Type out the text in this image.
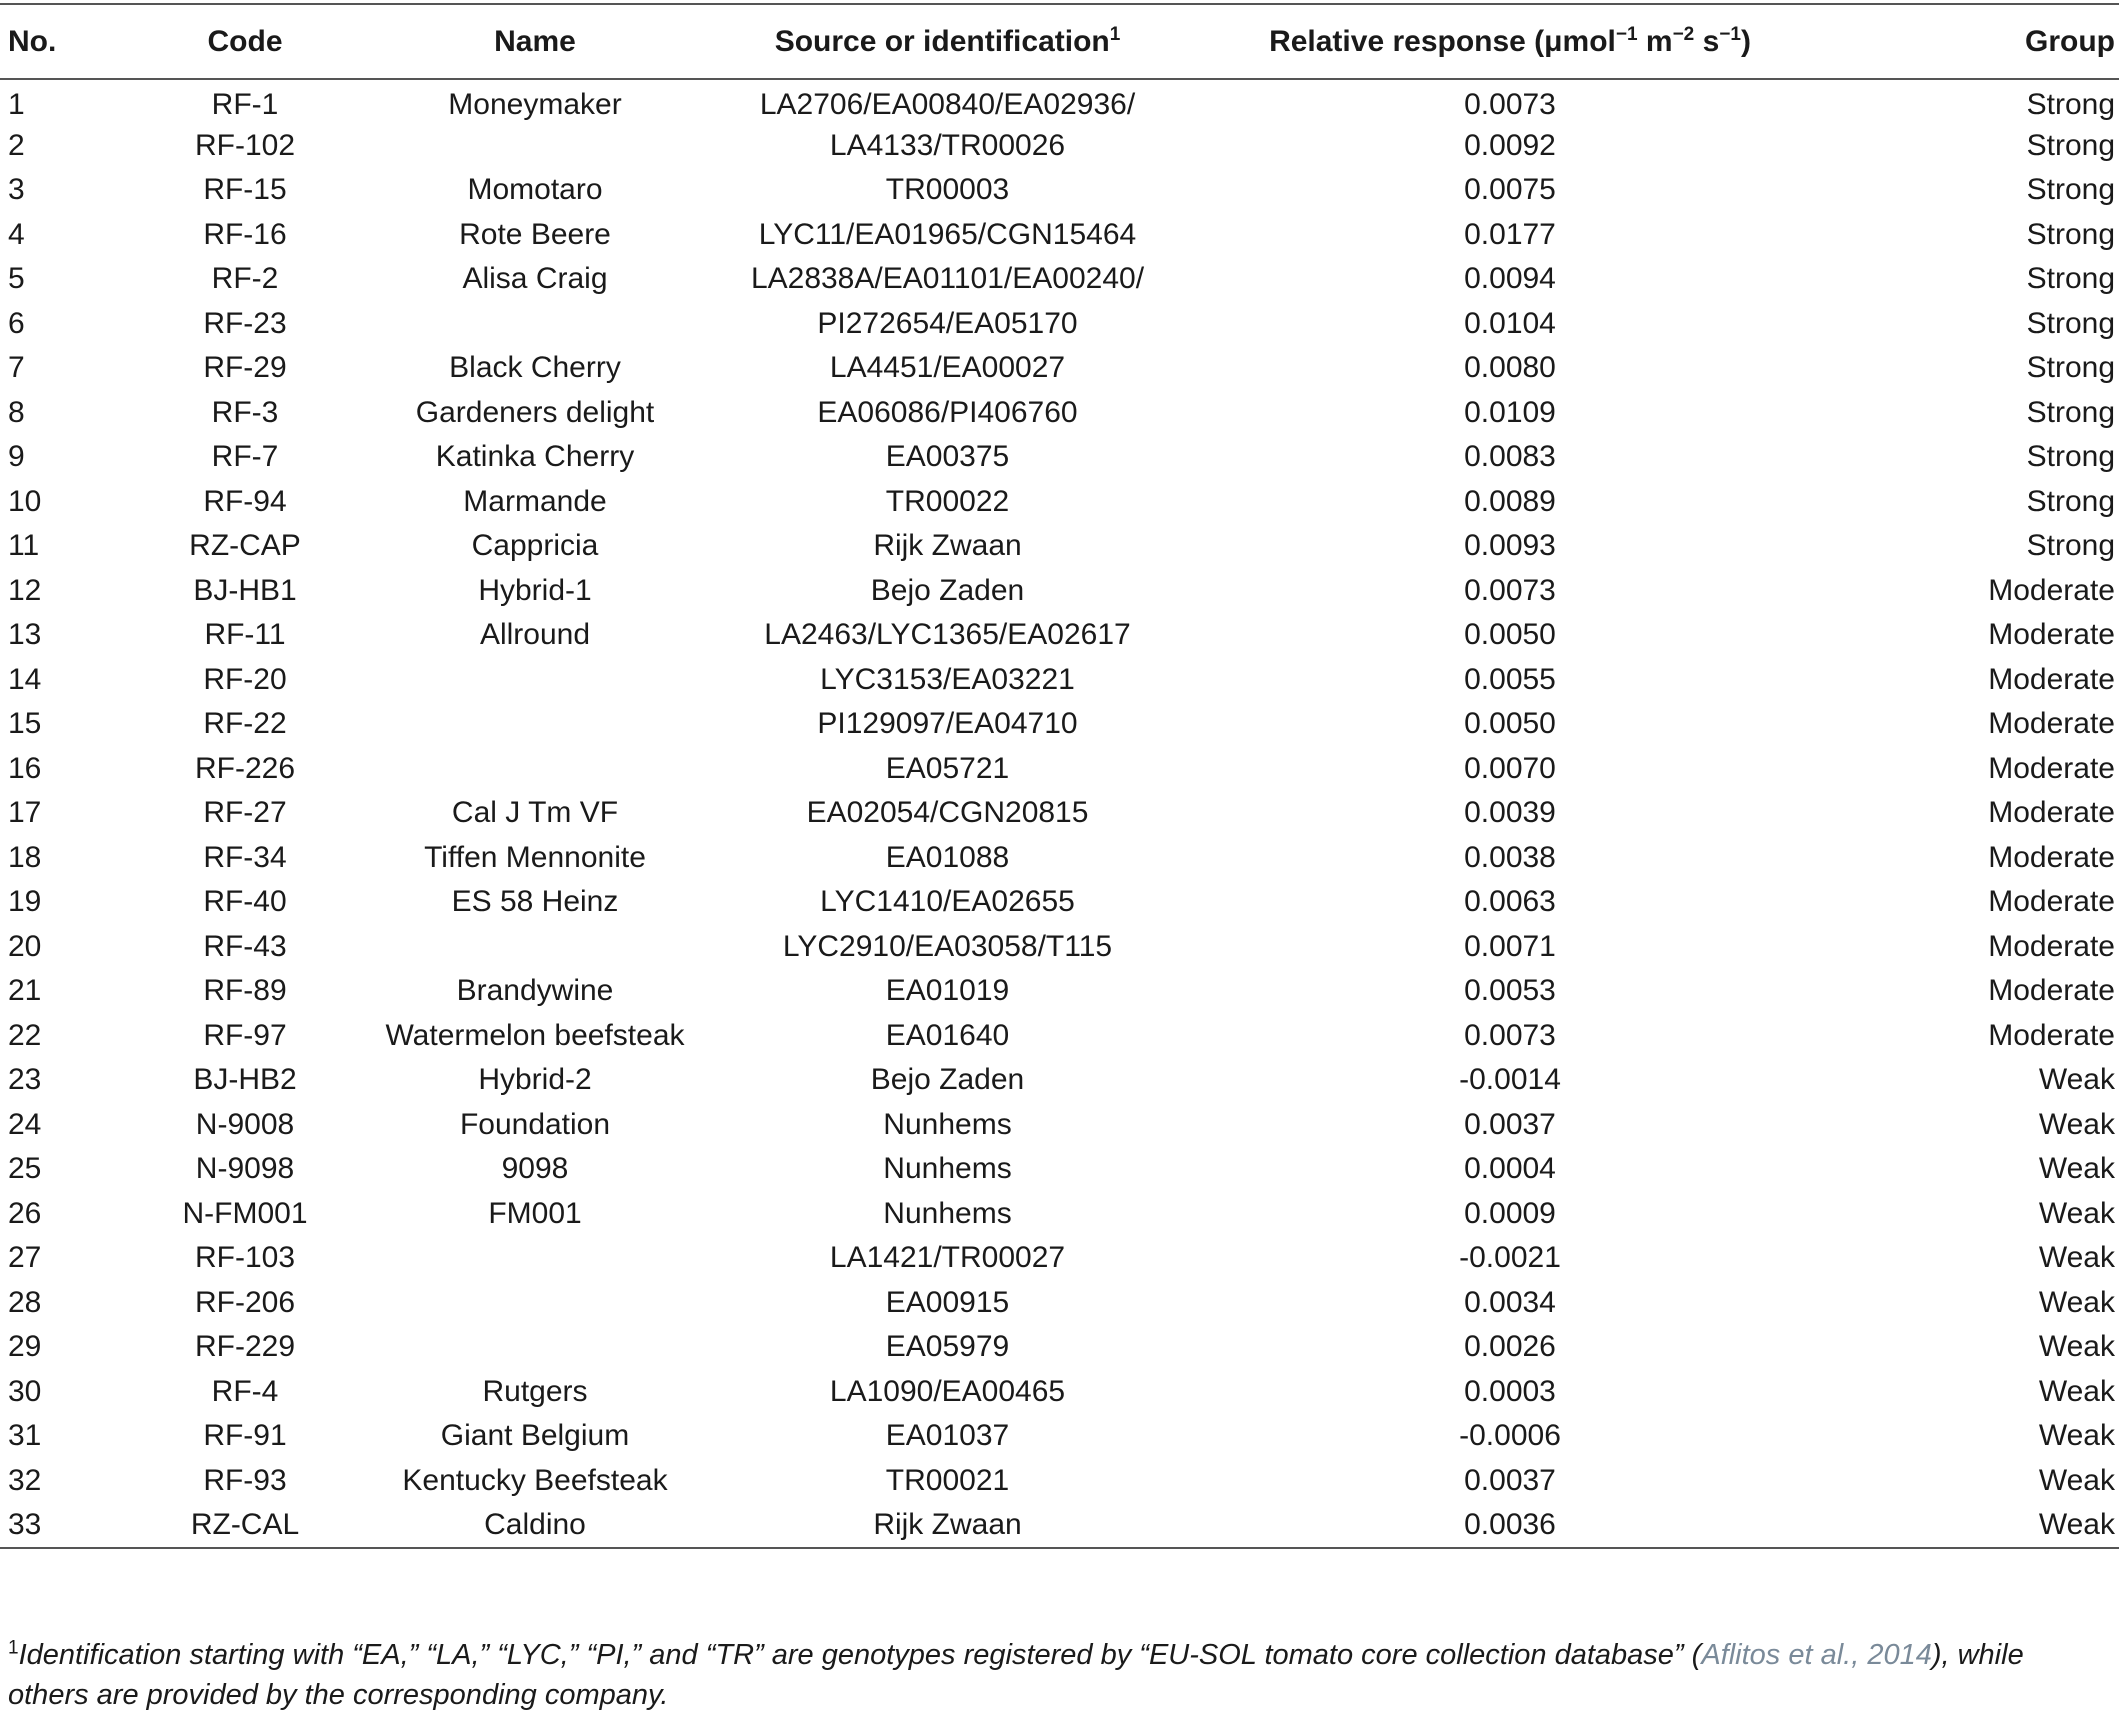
No.	Code	Name	Source or identification$^1$	Relative response (μmol$^{-1}$ $m^{-2}$ $s^{-1}$)	Group
1	RF-1	Moneymaker	LA2706/EA00840/EA02936/	0.0073	Strong
2	RF-102		LA4133/TR00026	0.0092	Strong
3	RF-15	Momotaro	TR00003	0.0075	Strong
4	RF-16	Rote Beere	LYC11/EA01965/CGN15464	0.0177	Strong
5	RF-2	Alisa Craig	LA2838A/EA01101/EA00240/	0.0094	Strong
6	RF-23		PI272654/EA05170	0.0104	Strong
7	RF-29	Black Cherry	LA4451/EA00027	0.0080	Strong
8	RF-3	Gardeners delight	EA06086/PI406760	0.0109	Strong
9	RF-7	Katinka Cherry	EA00375	0.0083	Strong
10	RF-94	Marmande	TR00022	0.0089	Strong
11	RZ-CAP	Cappricia	Rijk Zwaan	0.0093	Strong
12	BJ-HB1	Hybrid-1	Bejo Zaden	0.0073	Moderate
13	RF-11	Allround	LA2463/LYC1365/EA02617	0.0050	Moderate
14	RF-20		LYC3153/EA03221	0.0055	Moderate
15	RF-22		PI129097/EA04710	0.0050	Moderate
16	RF-226		EA05721	0.0070	Moderate
17	RF-27	Cal J Tm VF	EA02054/CGN20815	0.0039	Moderate
18	RF-34	Tiffen Mennonite	EA01088	0.0038	Moderate
19	RF-40	ES 58 Heinz	LYC1410/EA02655	0.0063	Moderate
20	RF-43		LYC2910/EA03058/T115	0.0071	Moderate
21	RF-89	Brandywine	EA01019	0.0053	Moderate
22	RF-97	Watermelon beefsteak	EA01640	0.0073	Moderate
23	BJ-HB2	Hybrid-2	Bejo Zaden	-0.0014	Weak
24	N-9008	Foundation	Nunhems	0.0037	Weak
25	N-9098	9098	Nunhems	0.0004	Weak
26	N-FM001	FM001	Nunhems	0.0009	Weak
27	RF-103		LA1421/TR00027	-0.0021	Weak
28	RF-206		EA00915	0.0034	Weak
29	RF-229		EA05979	0.0026	Weak
30	RF-4	Rutgers	LA1090/EA00465	0.0003	Weak
31	RF-91	Giant Belgium	EA01037	-0.0006	Weak
32	RF-93	Kentucky Beefsteak	TR00021	0.0037	Weak
33	RZ-CAL	Caldino	Rijk Zwaan	0.0036	Weak
$^1$Identification starting with “EA,” “LA,” “LYC,” “PI,” and “TR” are genotypes registered by “EU-SOL tomato core collection database” (Aflitos et al., 2014), while others are provided by the corresponding company.
